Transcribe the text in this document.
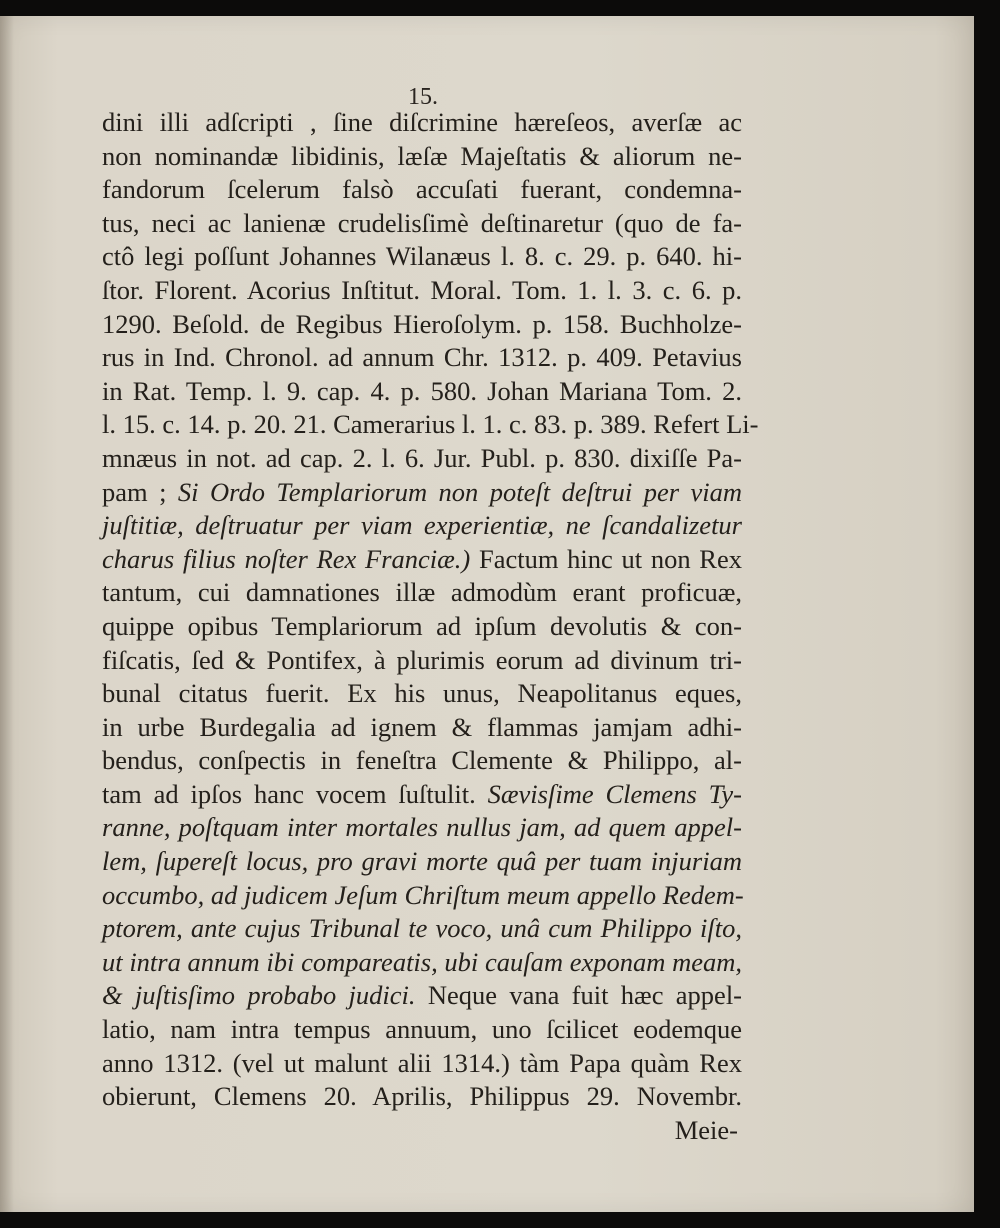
15.
dini illi adſcripti , ſine diſcrimine hæreſeos, averſæ ac
non nominandæ libidinis, læſæ Majeſtatis & aliorum ne-
fandorum ſcelerum falsò accuſati fuerant, condemna-
tus, neci ac lanienæ crudelisſimè deſtinaretur (quo de fa-
ctô legi poſſunt Johannes Wilanæus l. 8. c. 29. p. 640. hi-
ſtor. Florent. Acorius Inſtitut. Moral. Tom. 1. l. 3. c. 6. p.
1290. Beſold. de Regibus Hieroſolym. p. 158. Buchholze-
rus in Ind. Chronol. ad annum Chr. 1312. p. 409. Petavius
in Rat. Temp. l. 9. cap. 4. p. 580. Johan Mariana Tom. 2.
l. 15. c. 14. p. 20. 21. Camerarius l. 1. c. 83. p. 389. Refert Li-
mnæus in not. ad cap. 2. l. 6. Jur. Publ. p. 830. dixiſſe Pa-
pam ; Si Ordo Templariorum non poteſt deſtrui per viam
juſtitiæ, deſtruatur per viam experientiæ, ne ſcandalizetur
charus filius noſter Rex Franciæ.) Factum hinc ut non Rex
tantum, cui damnationes illæ admodùm erant proficuæ,
quippe opibus Templariorum ad ipſum devolutis & con-
fiſcatis, ſed & Pontifex, à plurimis eorum ad divinum tri-
bunal citatus fuerit. Ex his unus, Neapolitanus eques,
in urbe Burdegalia ad ignem & flammas jamjam adhi-
bendus, conſpectis in feneſtra Clemente & Philippo, al-
tam ad ipſos hanc vocem ſuſtulit. Sævisſime Clemens Ty-
ranne, poſtquam inter mortales nullus jam, ad quem appel-
lem, ſupereſt locus, pro gravi morte quâ per tuam injuriam
occumbo, ad judicem Jeſum Chriſtum meum appello Redem-
ptorem, ante cujus Tribunal te voco, unâ cum Philippo iſto,
ut intra annum ibi compareatis, ubi cauſam exponam meam,
& juſtisſimo probabo judici. Neque vana fuit hæc appel-
latio, nam intra tempus annuum, uno ſcilicet eodemque
anno 1312. (vel ut malunt alii 1314.) tàm Papa quàm Rex
obierunt, Clemens 20. Aprilis, Philippus 29. Novembr.
Meie-
